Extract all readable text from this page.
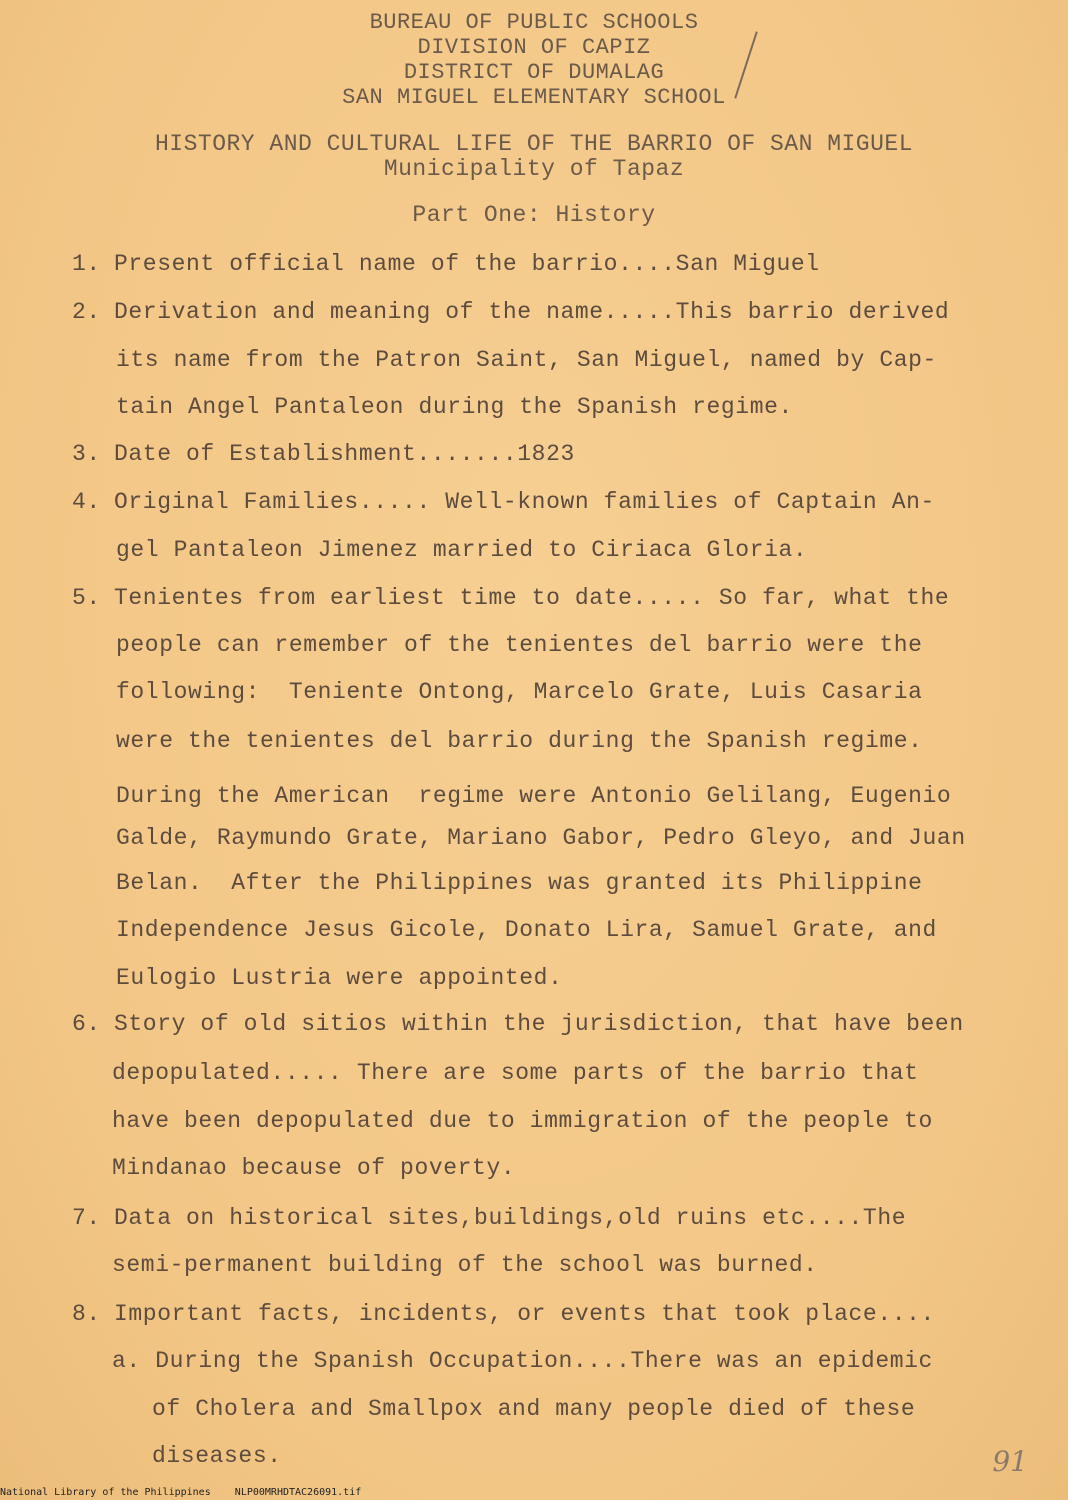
BUREAU OF PUBLIC SCHOOLS
DIVISION OF CAPIZ
DISTRICT OF DUMALAG
SAN MIGUEL ELEMENTARY SCHOOL
HISTORY AND CULTURAL LIFE OF THE BARRIO OF SAN MIGUEL
Municipality of Tapaz
Part One: History
1. Present official name of the barrio....San Miguel
2. Derivation and meaning of the name.....This barrio derived
its name from the Patron Saint, San Miguel, named by Cap-
tain Angel Pantaleon during the Spanish regime.
3. Date of Establishment.......1823
4. Original Families..... Well-known families of Captain An-
gel Pantaleon Jimenez married to Ciriaca Gloria.
5. Tenientes from earliest time to date..... So far, what the
people can remember of the tenientes del barrio were the
following:  Teniente Ontong, Marcelo Grate, Luis Casaria
were the tenientes del barrio during the Spanish regime.
During the American  regime were Antonio Gelilang, Eugenio
Galde, Raymundo Grate, Mariano Gabor, Pedro Gleyo, and Juan
Belan.  After the Philippines was granted its Philippine
Independence Jesus Gicole, Donato Lira, Samuel Grate, and
Eulogio Lustria were appointed.
6. Story of old sitios within the jurisdiction, that have been
depopulated..... There are some parts of the barrio that
have been depopulated due to immigration of the people to
Mindanao because of poverty.
7. Data on historical sites,buildings,old ruins etc....The
semi-permanent building of the school was burned.
8. Important facts, incidents, or events that took place....
a. During the Spanish Occupation....There was an epidemic
of Cholera and Smallpox and many people died of these
diseases.	91
National Library of the Philippines    NLP00MRHDTAC26091.tif
